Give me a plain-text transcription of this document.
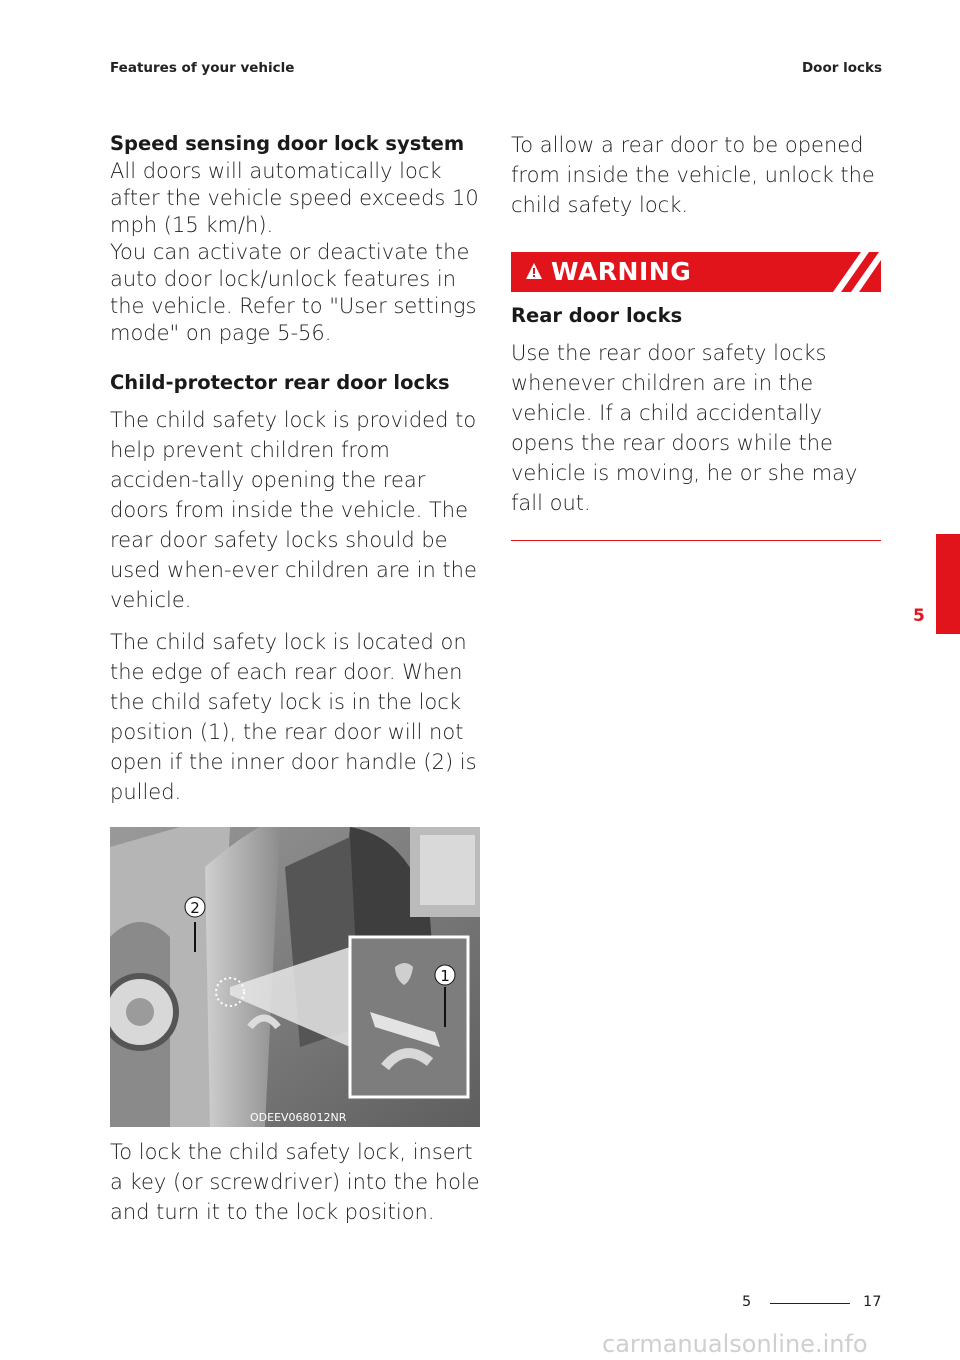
Features of your vehicle	Door locks
Speed sensing door lock system

All doors will automatically lock after the vehicle speed exceeds 10 mph (15 km/h).

You can activate or deactivate the auto door lock/unlock features in the vehicle. Refer to "User settings mode" on page 5-56.

Child-protector rear door locks

The child safety lock is provided to help prevent children from acciden-tally opening the rear doors from inside the vehicle. The rear door safety locks should be used when-ever children are in the vehicle.

The child safety lock is located on the edge of each rear door. When the child safety lock is in the lock position (1), the rear door will not open if the inner door handle (2) is pulled.

2
1
ODEEV068012NR

To lock the child safety lock, insert a key (or screwdriver) into the hole and turn it to the lock position.

To allow a rear door to be opened from inside the vehicle, unlock the child safety lock.

WARNING
Rear door locks

Use the rear door safety locks whenever children are in the vehicle. If a child accidentally opens the rear doors while the vehicle is moving, he or she may fall out.

5
5	17
carmanualsonline.info
